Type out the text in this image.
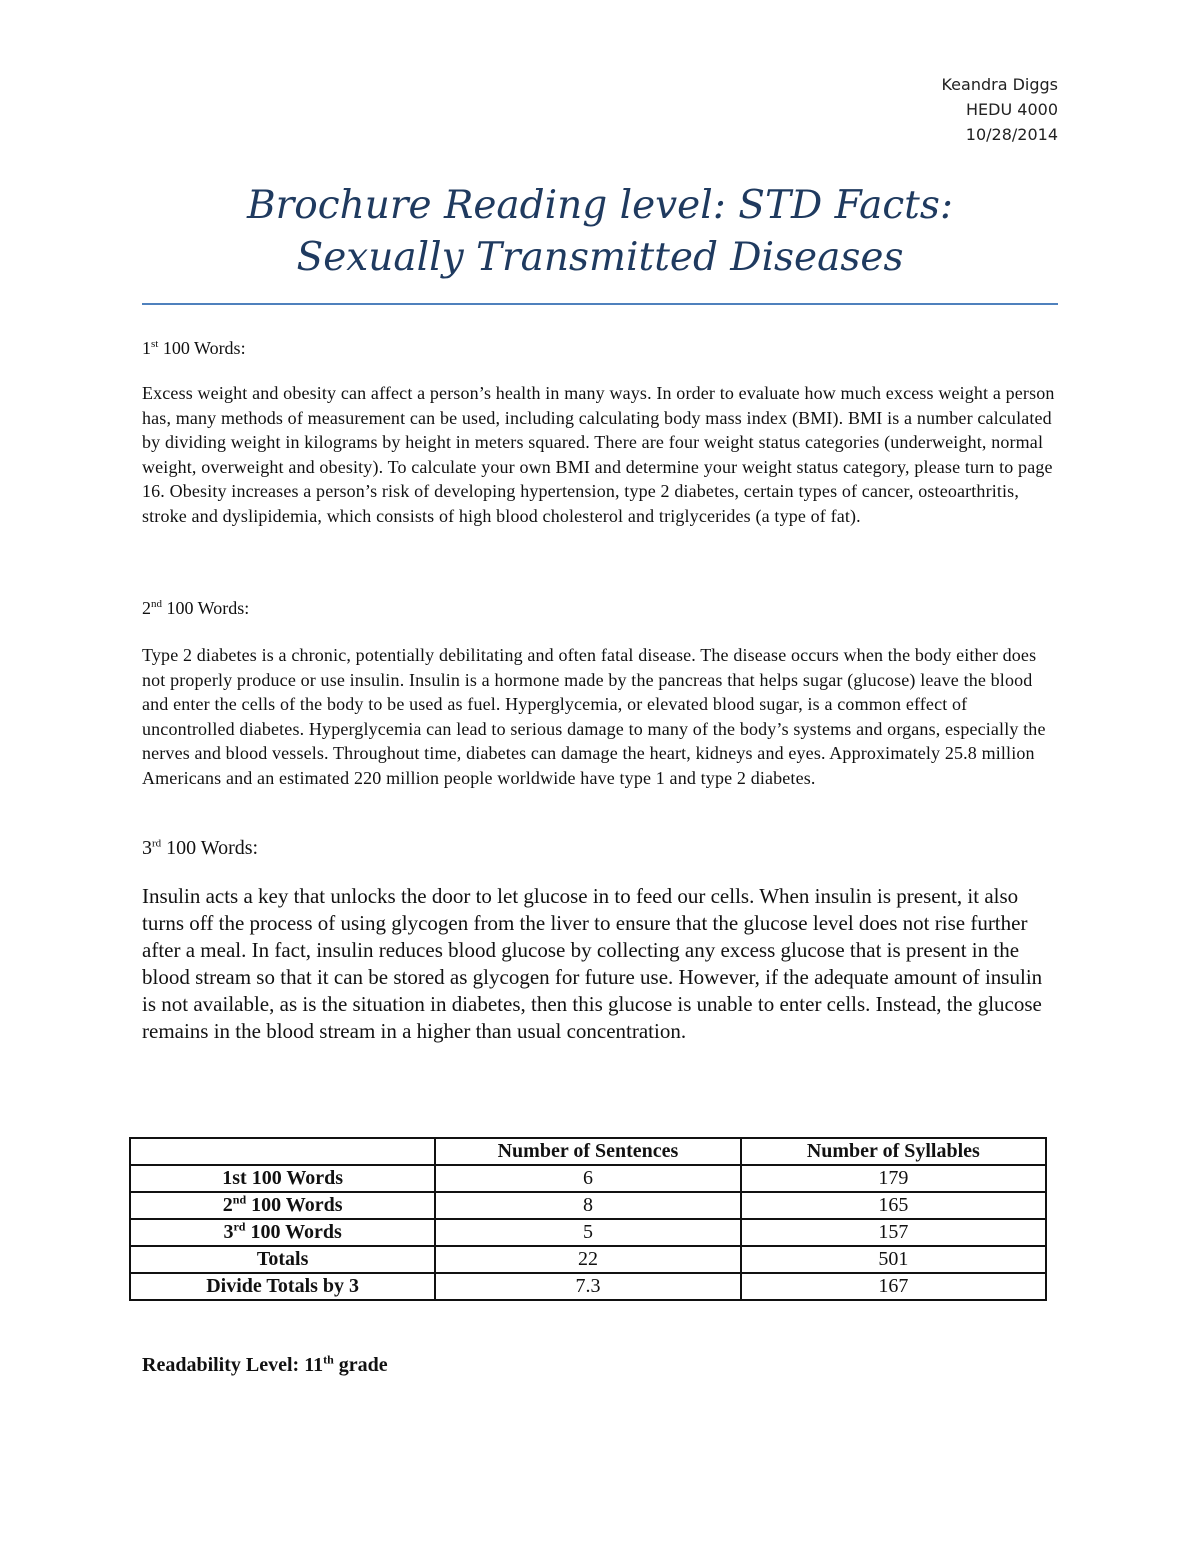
Keandra Diggs
HEDU 4000
10/28/2014
Brochure Reading level: STD Facts:
Sexually Transmitted Diseases
1st 100 Words:

Excess weight and obesity can affect a person’s health in many ways. In order to evaluate how much excess weight a person has, many methods of measurement can be used, including calculating body mass index (BMI). BMI is a number calculated by dividing weight in kilograms by height in meters squared. There are four weight status categories (underweight, normal weight, overweight and obesity). To calculate your own BMI and determine your weight status category, please turn to page 16. Obesity increases a person’s risk of developing hypertension, type 2 diabetes, certain types of cancer, osteoarthritis, stroke and dyslipidemia, which consists of high blood cholesterol and triglycerides (a type of fat).

2nd 100 Words:

Type 2 diabetes is a chronic, potentially debilitating and often fatal disease. The disease occurs when the body either does not properly produce or use insulin. Insulin is a hormone made by the pancreas that helps sugar (glucose) leave the blood and enter the cells of the body to be used as fuel. Hyperglycemia, or elevated blood sugar, is a common effect of uncontrolled diabetes. Hyperglycemia can lead to serious damage to many of the body’s systems and organs, especially the nerves and blood vessels. Throughout time, diabetes can damage the heart, kidneys and eyes. Approximately 25.8 million Americans and an estimated 220 million people worldwide have type 1 and type 2 diabetes.

3rd 100 Words:

Insulin acts a key that unlocks the door to let glucose in to feed our cells. When insulin is present, it also turns off the process of using glycogen from the liver to ensure that the glucose level does not rise further after a meal. In fact, insulin reduces blood glucose by collecting any excess glucose that is present in the blood stream so that it can be stored as glycogen for future use. However, if the adequate amount of insulin is not available, as is the situation in diabetes, then this glucose is unable to enter cells. Instead, the glucose remains in the blood stream in a higher than usual concentration.

	Number of Sentences	Number of Syllables
1st 100 Words	6	179
2nd 100 Words	8	165
3rd 100 Words	5	157
Totals	22	501
Divide Totals by 3	7.3	167
Readability Level: 11th grade
